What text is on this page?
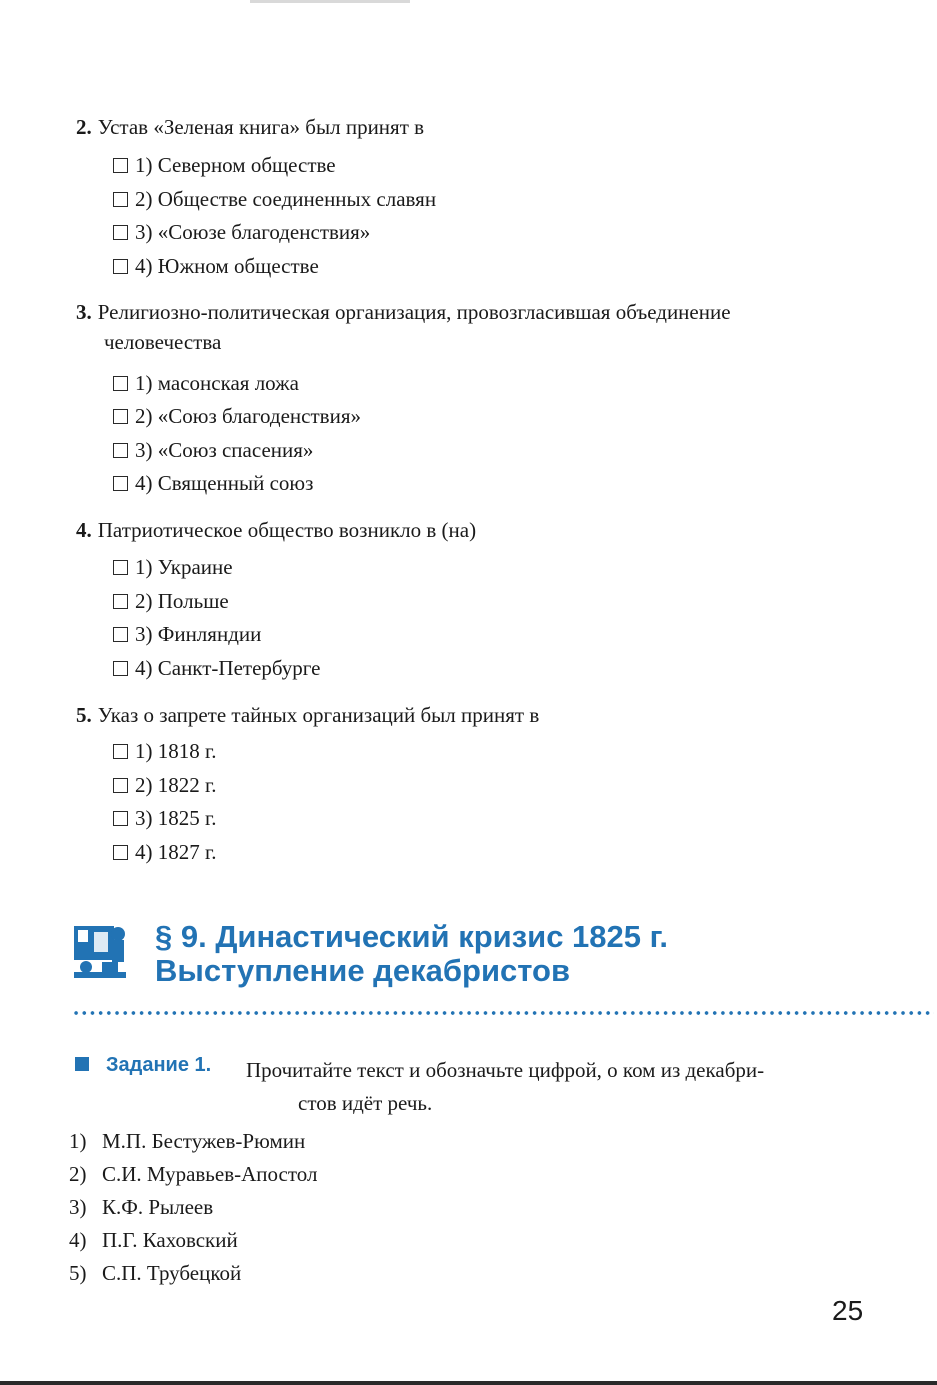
2. Устав «Зеленая книга» был принят в
1) Северном обществе
2) Обществе соединенных славян
3) «Союзе благоденствия»
4) Южном обществе
3. Религиозно-политическая организация, провозгласившая объединение
человечества
1) масонская ложа
2) «Союз благоденствия»
3) «Союз спасения»
4) Священный союз
4. Патриотическое общество возникло в (на)
1) Украине
2) Польше
3) Финляндии
4) Санкт-Петербурге
5. Указ о запрете тайных организаций был принят в
1) 1818 г.
2) 1822 г.
3) 1825 г.
4) 1827 г.
§ 9. Династический кризис 1825 г.
Выступление декабристов
Задание 1. Прочитайте текст и обозначьте цифрой, о ком из декабри-
стов идёт речь.
1) М.П. Бестужев-Рюмин
2) С.И. Муравьев-Апостол
3) К.Ф. Рылеев
4) П.Г. Каховский
5) С.П. Трубецкой
25
